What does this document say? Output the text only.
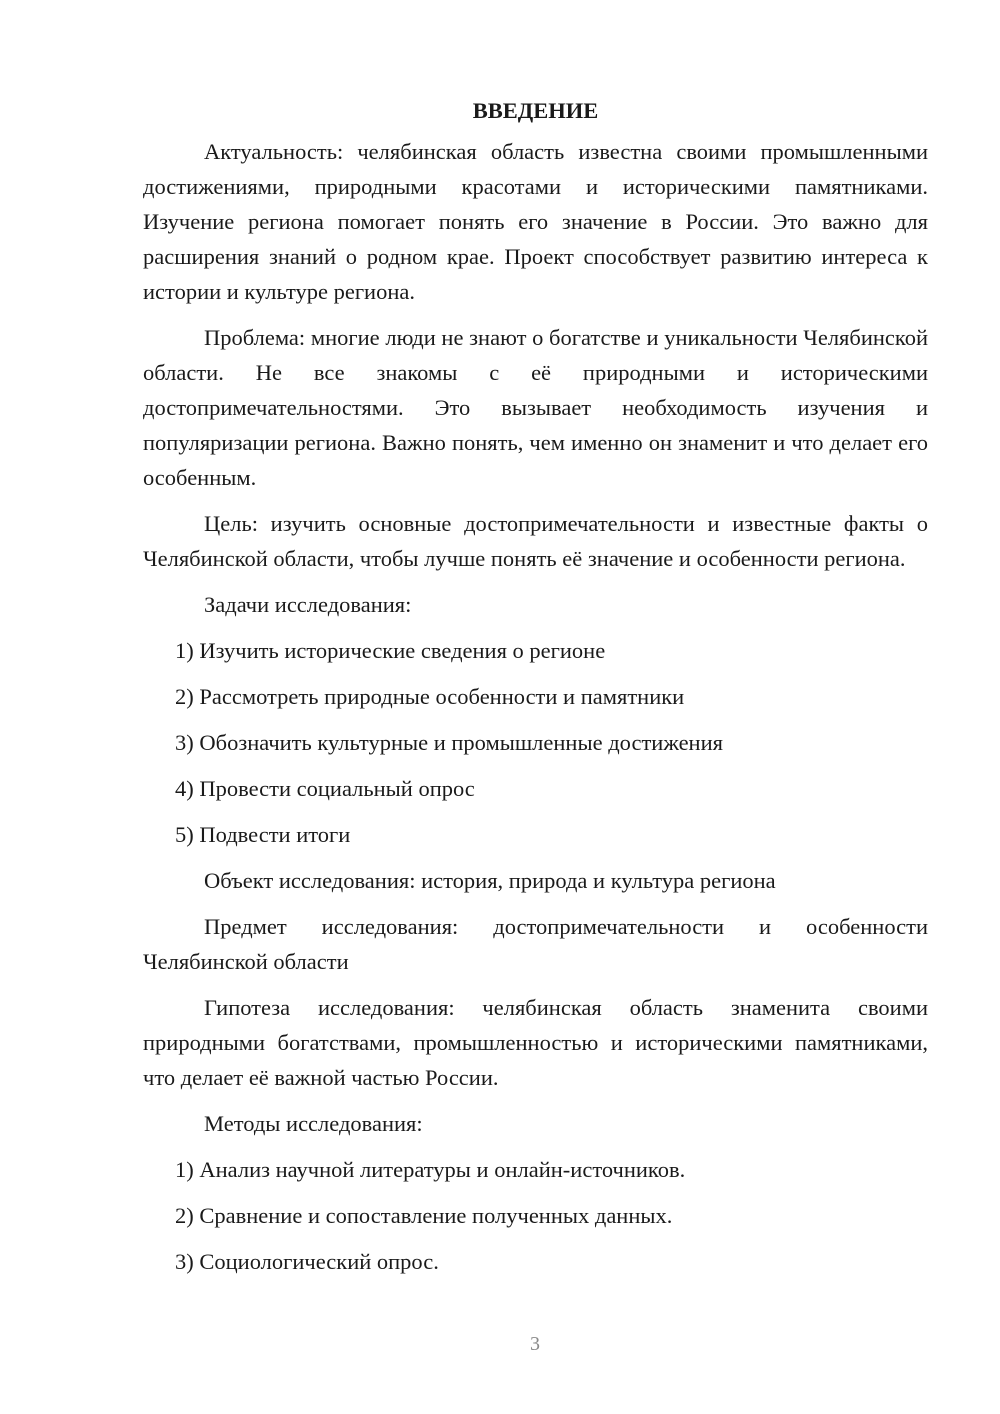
ВВЕДЕНИЕ

Актуальность: челябинская область известна своими промышленными достижениями, природными красотами и историческими памятниками. Изучение региона помогает понять его значение в России. Это важно для расширения знаний о родном крае. Проект способствует развитию интереса к истории и культуре региона.

Проблема: многие люди не знают о богатстве и уникальности Челябинской области. Не все знакомы с её природными и историческими достопримечательностями. Это вызывает необходимость изучения и популяризации региона. Важно понять, чем именно он знаменит и что делает его особенным.

Цель: изучить основные достопримечательности и известные факты о Челябинской области, чтобы лучше понять её значение и особенности региона.

Задачи исследования:

1) Изучить исторические сведения о регионе
2) Рассмотреть природные особенности и памятники
3) Обозначить культурные и промышленные достижения
4) Провести социальный опрос
5) Подвести итоги

Объект исследования: история, природа и культура региона

Предмет исследования: достопримечательности и особенности Челябинской области

Гипотеза исследования: челябинская область знаменита своими природными богатствами, промышленностью и историческими памятниками, что делает её важной частью России.

Методы исследования:

1) Анализ научной литературы и онлайн-источников.
2) Сравнение и сопоставление полученных данных.
3) Социологический опрос.
3
